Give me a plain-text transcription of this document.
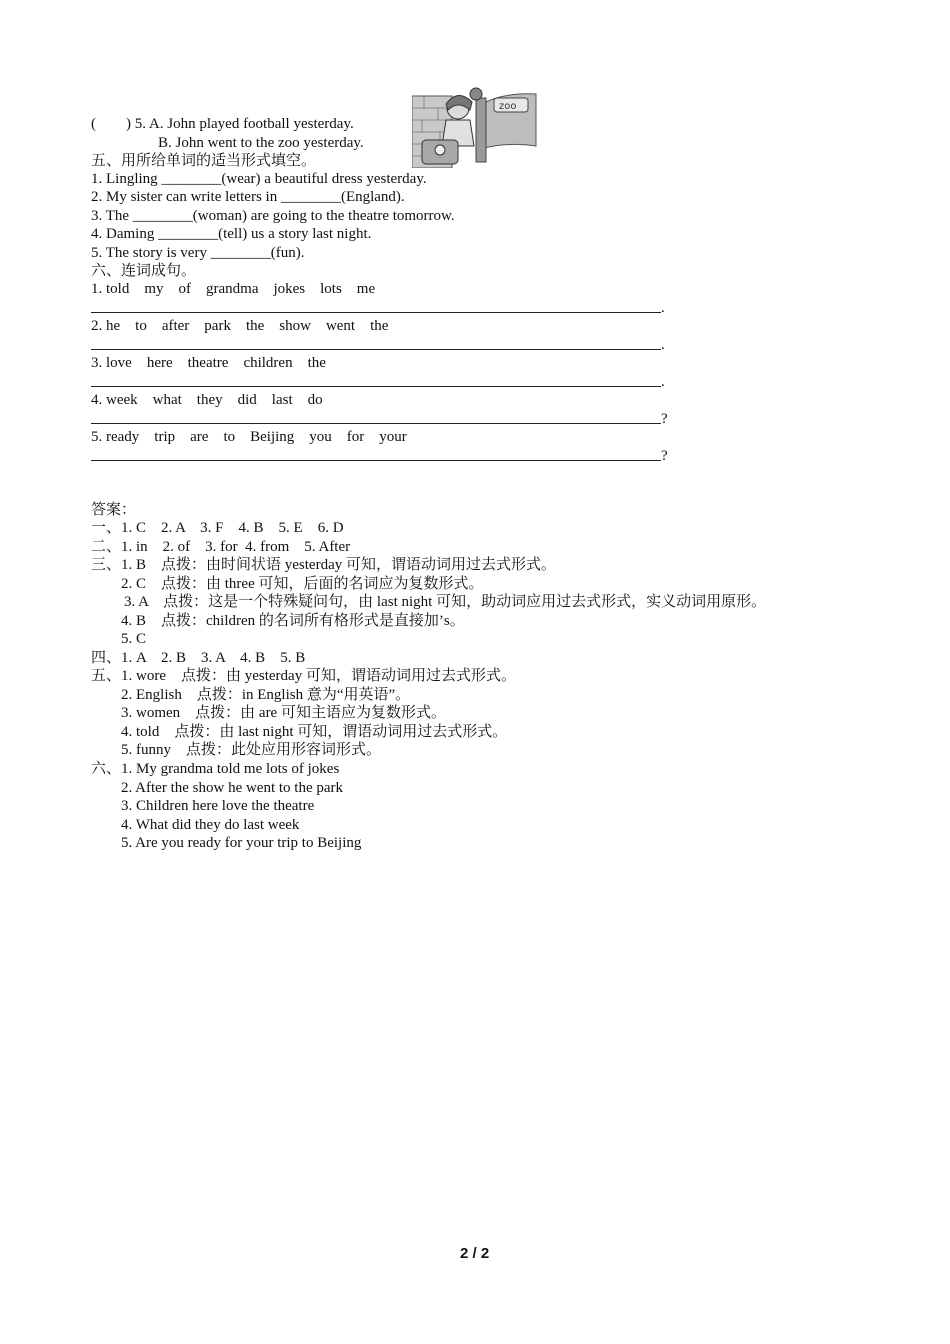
(        ) 5. A. John played football yesterday.
B. John went to the zoo yesterday.
zoo
五、用所给单词的适当形式填空。
1. Lingling ________(wear) a beautiful dress yesterday.
2. My sister can write letters in ________(England).
3. The ________(woman) are going to the theatre tomorrow.
4. Daming ________(tell) us a story last night.
5. The story is very ________(fun).
六、连词成句。
1. told    my    of    grandma    jokes    lots    me
.
2. he    to    after    park    the    show    went    the
.
3. love    here    theatre    children    the
.
4. week    what    they    did    last    do
?
5. ready    trip    are    to    Beijing    you    for    your
?
答案：
一、1. C    2. A    3. F    4. B    5. E    6. D
二、1. in    2. of    3. for  4. from    5. After
三、1. B    点拨：由时间状语 yesterday 可知，谓语动词用过去式形式。
2. C    点拨：由 three 可知，后面的名词应为复数形式。
3. A    点拨：这是一个特殊疑问句，由 last night 可知，助动词应用过去式形式，实义动词用原形。
4. B    点拨：children 的名词所有格形式是直接加’s。
5. C
四、1. A    2. B    3. A    4. B    5. B
五、1. wore    点拨：由 yesterday 可知，谓语动词用过去式形式。
2. English    点拨：in English 意为“用英语”。
3. women    点拨：由 are 可知主语应为复数形式。
4. told    点拨：由 last night 可知，谓语动词用过去式形式。
5. funny    点拨：此处应用形容词形式。
六、1. My grandma told me lots of jokes
2. After the show he went to the park
3. Children here love the theatre
4. What did they do last week
5. Are you ready for your trip to Beijing
2 / 2
